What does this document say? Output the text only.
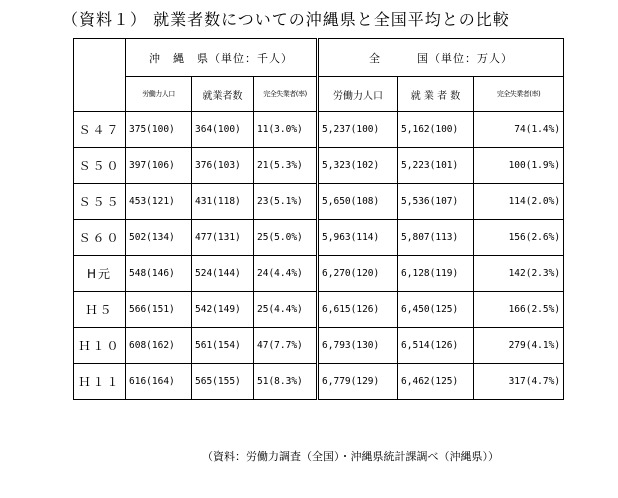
（資料１） 就業者数についての沖縄県と全国平均との比較
	沖　縄　県（単位：千人）			全　　　国（単位：万人）		
	労働力人口	就業者数	完全失業者(率)	労働力人口	就 業 者 数	完全失業者(率)
Ｓ４７	375(100)	364(100)	11(3.0%)	5,237(100)	5,162(100)	74(1.4%)
Ｓ５０	397(106)	376(103)	21(5.3%)	5,323(102)	5,223(101)	100(1.9%)
Ｓ５５	453(121)	431(118)	23(5.1%)	5,650(108)	5,536(107)	114(2.0%)
Ｓ６０	502(134)	477(131)	25(5.0%)	5,963(114)	5,807(113)	156(2.6%)
H元	548(146)	524(144)	24(4.4%)	6,270(120)	6,128(119)	142(2.3%)
Ｈ５	566(151)	542(149)	25(4.4%)	6,615(126)	6,450(125)	166(2.5%)
Ｈ１０	608(162)	561(154)	47(7.7%)	6,793(130)	6,514(126)	279(4.1%)
Ｈ１１	616(164)	565(155)	51(8.3%)	6,779(129)	6,462(125)	317(4.7%)
（資料：労働力調査（全国）・沖縄県統計課調べ（沖縄県））
